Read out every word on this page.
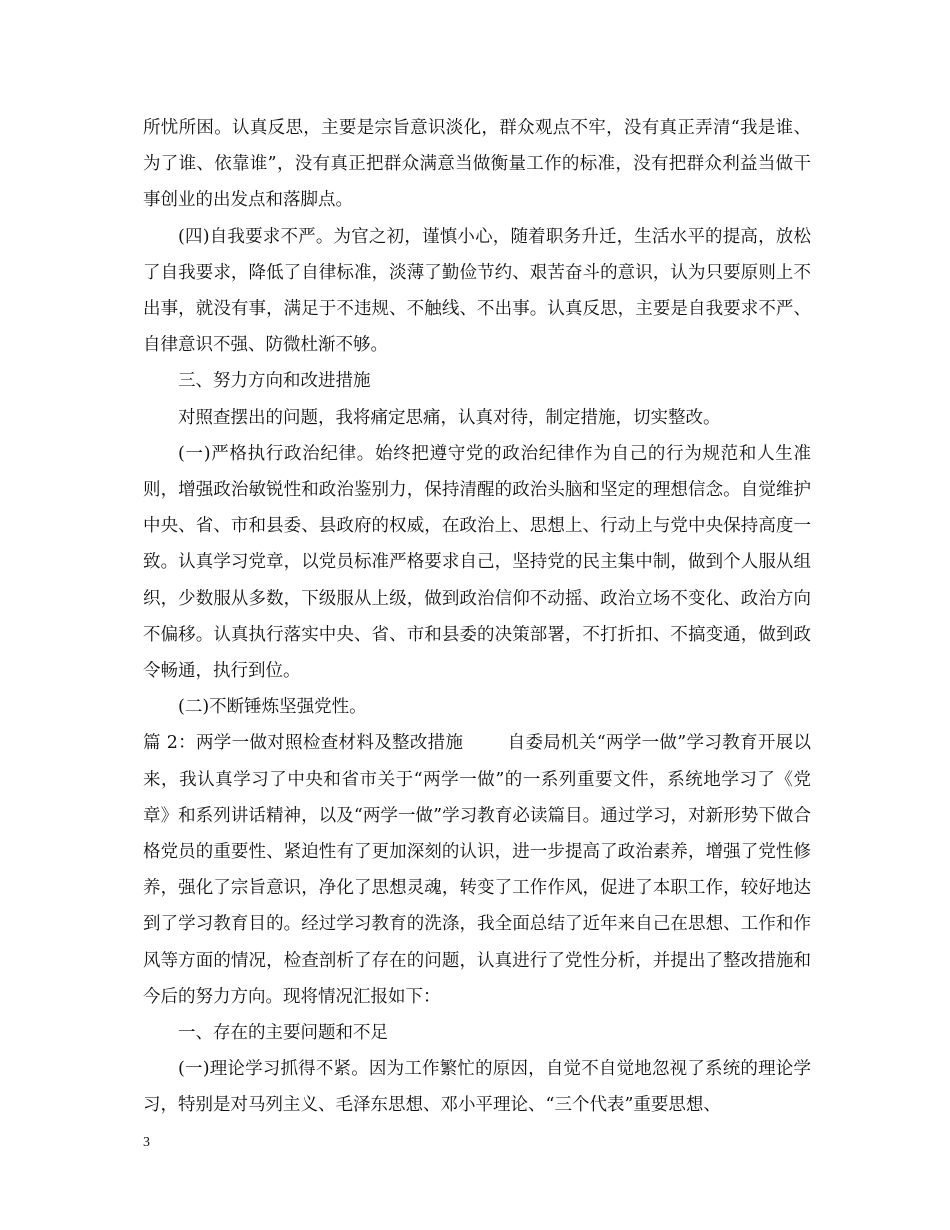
所忧所困。认真反思，主要是宗旨意识淡化，群众观点不牢，没有真正弄清“我是谁、为了谁、依靠谁”，没有真正把群众满意当做衡量工作的标准，没有把群众利益当做干事创业的出发点和落脚点。

(四)自我要求不严。为官之初，谨慎小心，随着职务升迁，生活水平的提高，放松了自我要求，降低了自律标准，淡薄了勤俭节约、艰苦奋斗的意识，认为只要原则上不出事，就没有事，满足于不违规、不触线、不出事。认真反思，主要是自我要求不严、自律意识不强、防微杜渐不够。

三、努力方向和改进措施

对照查摆出的问题，我将痛定思痛，认真对待，制定措施，切实整改。

(一)严格执行政治纪律。始终把遵守党的政治纪律作为自己的行为规范和人生准则，增强政治敏锐性和政治鉴别力，保持清醒的政治头脑和坚定的理想信念。自觉维护中央、省、市和县委、县政府的权威，在政治上、思想上、行动上与党中央保持高度一致。认真学习党章，以党员标准严格要求自己，坚持党的民主集中制，做到个人服从组织，少数服从多数，下级服从上级，做到政治信仰不动摇、政治立场不变化、政治方向不偏移。认真执行落实中央、省、市和县委的决策部署，不打折扣、不搞变通，做到政令畅通，执行到位。

(二)不断锤炼坚强党性。

篇 2：两学一做对照检查材料及整改措施	自委局机关“两学一做”学习教育开展以来，我认真学习了中央和省市关于“两学一做”的一系列重要文件，系统地学习了《党章》和系列讲话精神，以及“两学一做”学习教育必读篇目。通过学习，对新形势下做合格党员的重要性、紧迫性有了更加深刻的认识，进一步提高了政治素养，增强了党性修养，强化了宗旨意识，净化了思想灵魂，转变了工作作风，促进了本职工作，较好地达到了学习教育目的。经过学习教育的洗涤，我全面总结了近年来自己在思想、工作和作风等方面的情况，检查剖析了存在的问题，认真进行了党性分析，并提出了整改措施和今后的努力方向。现将情况汇报如下：

一、存在的主要问题和不足

(一)理论学习抓得不紧。因为工作繁忙的原因，自觉不自觉地忽视了系统的理论学习，特别是对马列主义、毛泽东思想、邓小平理论、“三个代表”重要思想、

3
